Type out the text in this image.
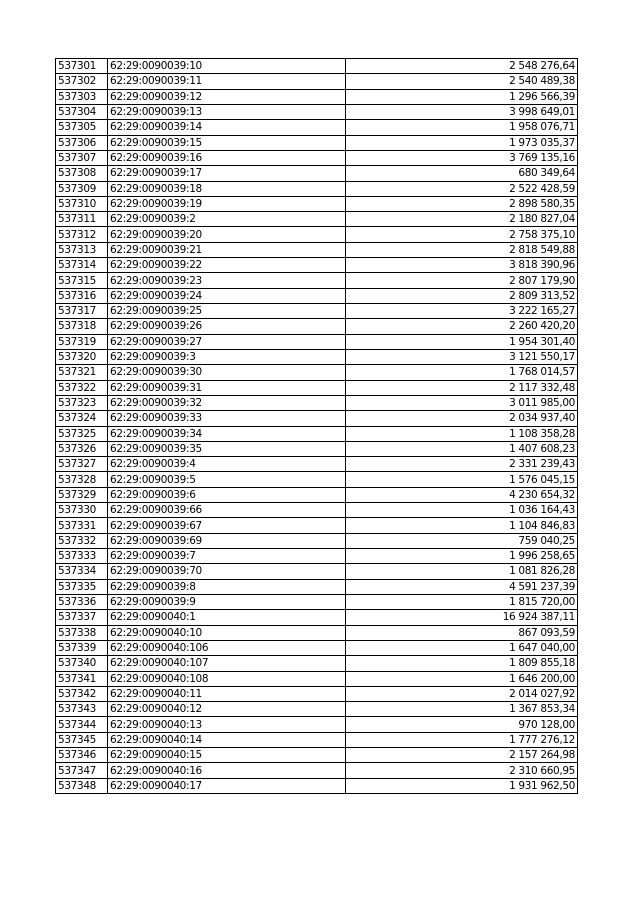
537301	62:29:0090039:10	2 548 276,64
537302	62:29:0090039:11	2 540 489,38
537303	62:29:0090039:12	1 296 566,39
537304	62:29:0090039:13	3 998 649,01
537305	62:29:0090039:14	1 958 076,71
537306	62:29:0090039:15	1 973 035,37
537307	62:29:0090039:16	3 769 135,16
537308	62:29:0090039:17	680 349,64
537309	62:29:0090039:18	2 522 428,59
537310	62:29:0090039:19	2 898 580,35
537311	62:29:0090039:2	2 180 827,04
537312	62:29:0090039:20	2 758 375,10
537313	62:29:0090039:21	2 818 549,88
537314	62:29:0090039:22	3 818 390,96
537315	62:29:0090039:23	2 807 179,90
537316	62:29:0090039:24	2 809 313,52
537317	62:29:0090039:25	3 222 165,27
537318	62:29:0090039:26	2 260 420,20
537319	62:29:0090039:27	1 954 301,40
537320	62:29:0090039:3	3 121 550,17
537321	62:29:0090039:30	1 768 014,57
537322	62:29:0090039:31	2 117 332,48
537323	62:29:0090039:32	3 011 985,00
537324	62:29:0090039:33	2 034 937,40
537325	62:29:0090039:34	1 108 358,28
537326	62:29:0090039:35	1 407 608,23
537327	62:29:0090039:4	2 331 239,43
537328	62:29:0090039:5	1 576 045,15
537329	62:29:0090039:6	4 230 654,32
537330	62:29:0090039:66	1 036 164,43
537331	62:29:0090039:67	1 104 846,83
537332	62:29:0090039:69	759 040,25
537333	62:29:0090039:7	1 996 258,65
537334	62:29:0090039:70	1 081 826,28
537335	62:29:0090039:8	4 591 237,39
537336	62:29:0090039:9	1 815 720,00
537337	62:29:0090040:1	16 924 387,11
537338	62:29:0090040:10	867 093,59
537339	62:29:0090040:106	1 647 040,00
537340	62:29:0090040:107	1 809 855,18
537341	62:29:0090040:108	1 646 200,00
537342	62:29:0090040:11	2 014 027,92
537343	62:29:0090040:12	1 367 853,34
537344	62:29:0090040:13	970 128,00
537345	62:29:0090040:14	1 777 276,12
537346	62:29:0090040:15	2 157 264,98
537347	62:29:0090040:16	2 310 660,95
537348	62:29:0090040:17	1 931 962,50
